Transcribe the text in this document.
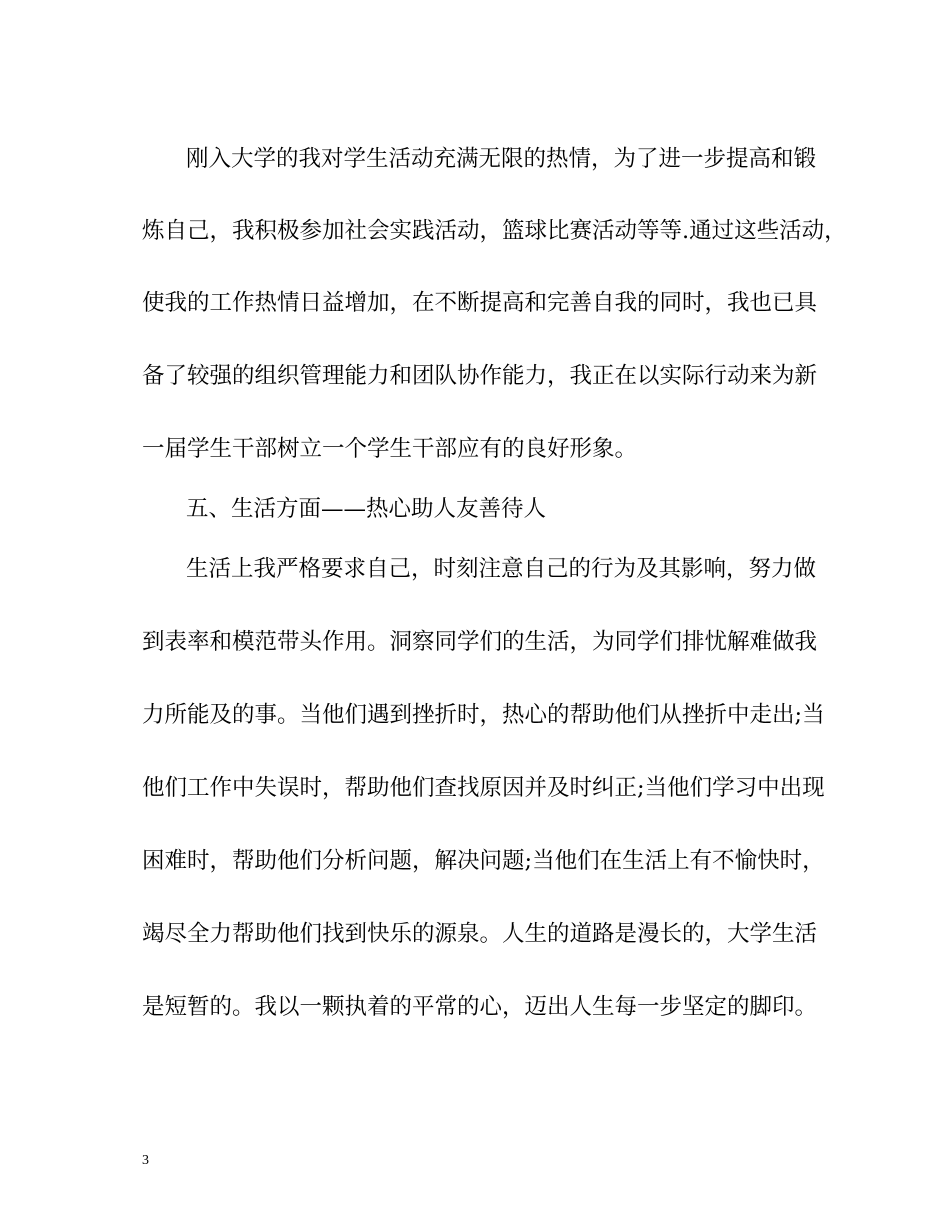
刚入大学的我对学生活动充满无限的热情，为了进一步提高和锻
炼自己，我积极参加社会实践活动，篮球比赛活动等等.通过这些活动，
使我的工作热情日益增加，在不断提高和完善自我的同时，我也已具
备了较强的组织管理能力和团队协作能力，我正在以实际行动来为新
一届学生干部树立一个学生干部应有的良好形象。
五、生活方面——热心助人友善待人
生活上我严格要求自己，时刻注意自己的行为及其影响，努力做
到表率和模范带头作用。洞察同学们的生活，为同学们排忧解难做我
力所能及的事。当他们遇到挫折时，热心的帮助他们从挫折中走出;当
他们工作中失误时，帮助他们查找原因并及时纠正;当他们学习中出现
困难时，帮助他们分析问题，解决问题;当他们在生活上有不愉快时，
竭尽全力帮助他们找到快乐的源泉。人生的道路是漫长的，大学生活
是短暂的。我以一颗执着的平常的心，迈出人生每一步坚定的脚印。
3
